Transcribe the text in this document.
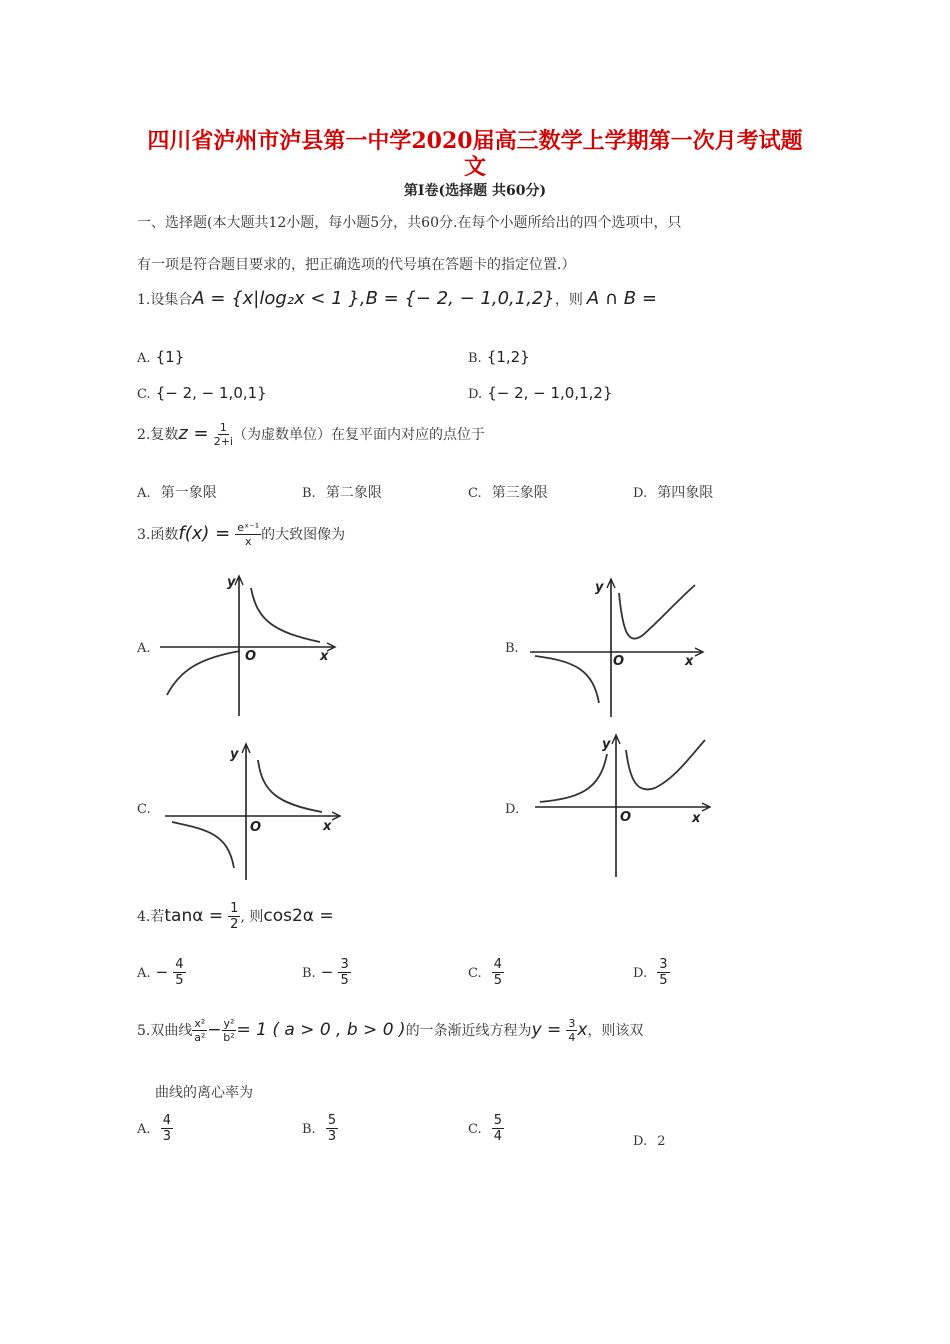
四川省泸州市泸县第一中学2020届高三数学上学期第一次月考试题
文
第Ⅰ卷(选择题 共60分)
一、选择题(本大题共12小题，每小题5分，共60分.在每个小题所给出的四个选项中，只
有一项是符合题目要求的，把正确选项的代号填在答题卡的指定位置.）
1.设集合A = {x|log₂x < 1 },B = {− 2, − 1,0,1,2}，则 A ∩ B =
A. {1}	B. {1,2}
C. {− 2, − 1,0,1}	D. {− 2, − 1,0,1,2}
2.复数$z = \frac{1}{2+i}$ （为虚数单位）在复平面内对应的点位于
A. 第一象限	B. 第二象限	C. 第三象限	D. 第四象限
3.函数$f(x) = \frac{\text{eˣ⁻¹}}{x}$ 的大致图像为
A.
y
O	x
B.
y
O	x
C.
y
O	x
D.
y
O	x
4.若$\tan\alpha = \frac{1}{2}$ , 则cos2α =
A. − $\frac{4}{5}$	B. − $\frac{3}{5}$	C. $\frac{4}{5}$	D. $\frac{3}{5}$
5.双曲线 $\frac{\text{x²}}{\text{a²}} - \frac{\text{y²}}{\text{b²}} = 1$ ( a > 0 , b > 0 )的一条渐近线方程为$y = \frac{3}{4}$ x，则该双
曲线的离心率为
A. $\frac{4}{3}$	B. $\frac{5}{3}$	C. $\frac{5}{4}$	D. 2
